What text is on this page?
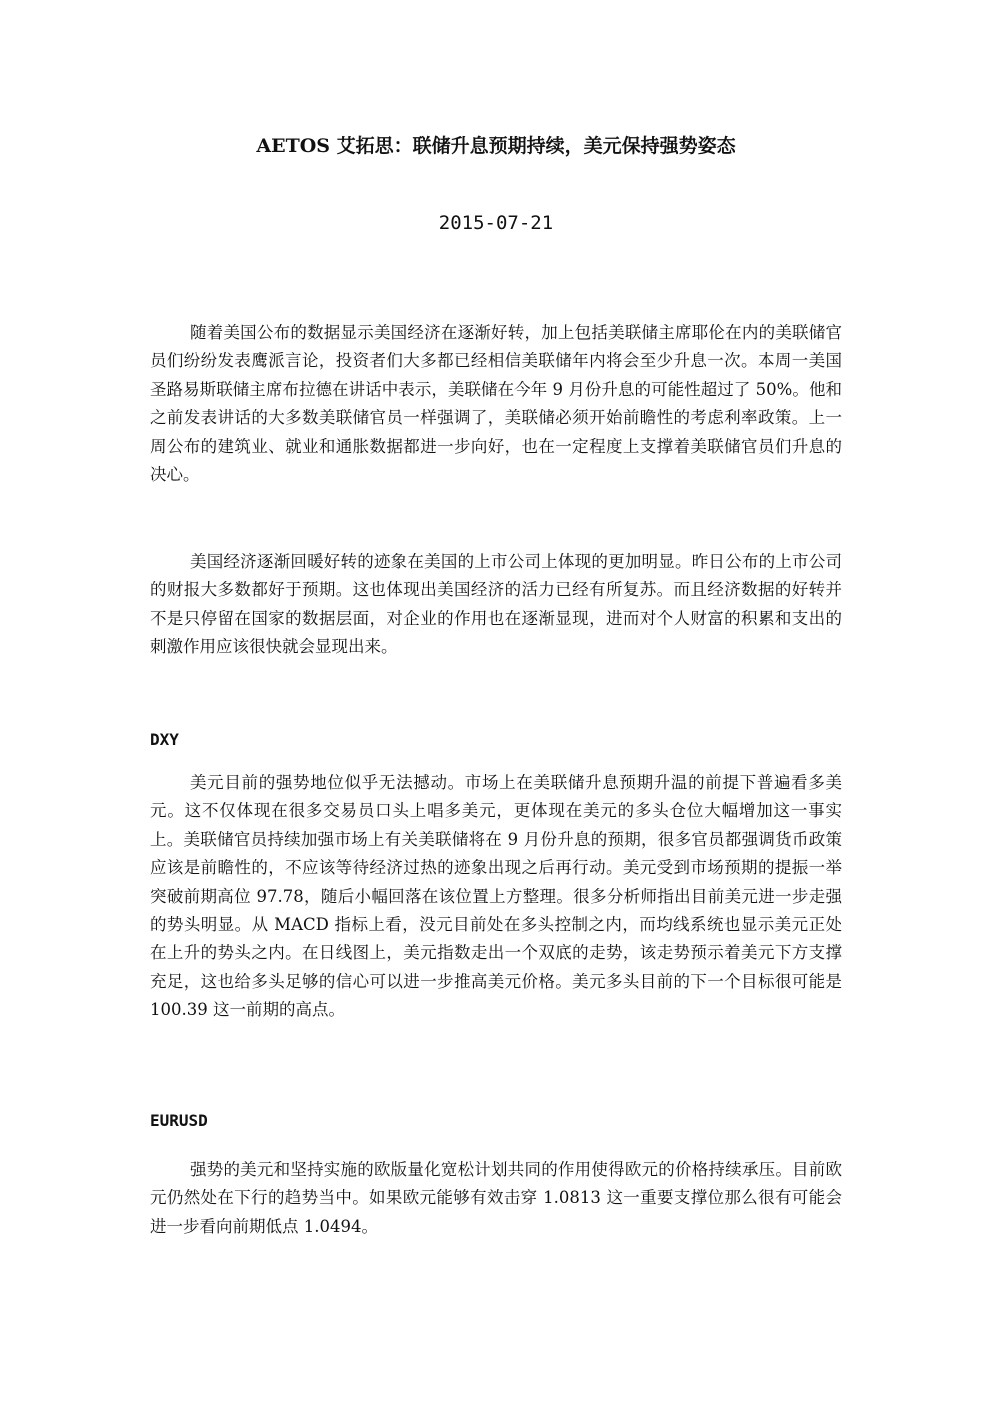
AETOS 艾拓思：联储升息预期持续，美元保持强势姿态
2015-07-21

随着美国公布的数据显示美国经济在逐渐好转，加上包括美联储主席耶伦在内的美联储官员们纷纷发表鹰派言论，投资者们大多都已经相信美联储年内将会至少升息一次。本周一美国圣路易斯联储主席布拉德在讲话中表示，美联储在今年 9 月份升息的可能性超过了 50%。他和之前发表讲话的大多数美联储官员一样强调了，美联储必须开始前瞻性的考虑利率政策。上一周公布的建筑业、就业和通胀数据都进一步向好，也在一定程度上支撑着美联储官员们升息的决心。

美国经济逐渐回暖好转的迹象在美国的上市公司上体现的更加明显。昨日公布的上市公司的财报大多数都好于预期。这也体现出美国经济的活力已经有所复苏。而且经济数据的好转并不是只停留在国家的数据层面，对企业的作用也在逐渐显现，进而对个人财富的积累和支出的刺激作用应该很快就会显现出来。

DXY

美元目前的强势地位似乎无法撼动。市场上在美联储升息预期升温的前提下普遍看多美元。这不仅体现在很多交易员口头上唱多美元，更体现在美元的多头仓位大幅增加这一事实上。美联储官员持续加强市场上有关美联储将在 9 月份升息的预期，很多官员都强调货币政策应该是前瞻性的，不应该等待经济过热的迹象出现之后再行动。美元受到市场预期的提振一举突破前期高位 97.78，随后小幅回落在该位置上方整理。很多分析师指出目前美元进一步走强的势头明显。从 MACD 指标上看，没元目前处在多头控制之内，而均线系统也显示美元正处在上升的势头之内。在日线图上，美元指数走出一个双底的走势，该走势预示着美元下方支撑充足，这也给多头足够的信心可以进一步推高美元价格。美元多头目前的下一个目标很可能是 100.39 这一前期的高点。

EURUSD

强势的美元和坚持实施的欧版量化宽松计划共同的作用使得欧元的价格持续承压。目前欧元仍然处在下行的趋势当中。如果欧元能够有效击穿 1.0813 这一重要支撑位那么很有可能会进一步看向前期低点 1.0494。
